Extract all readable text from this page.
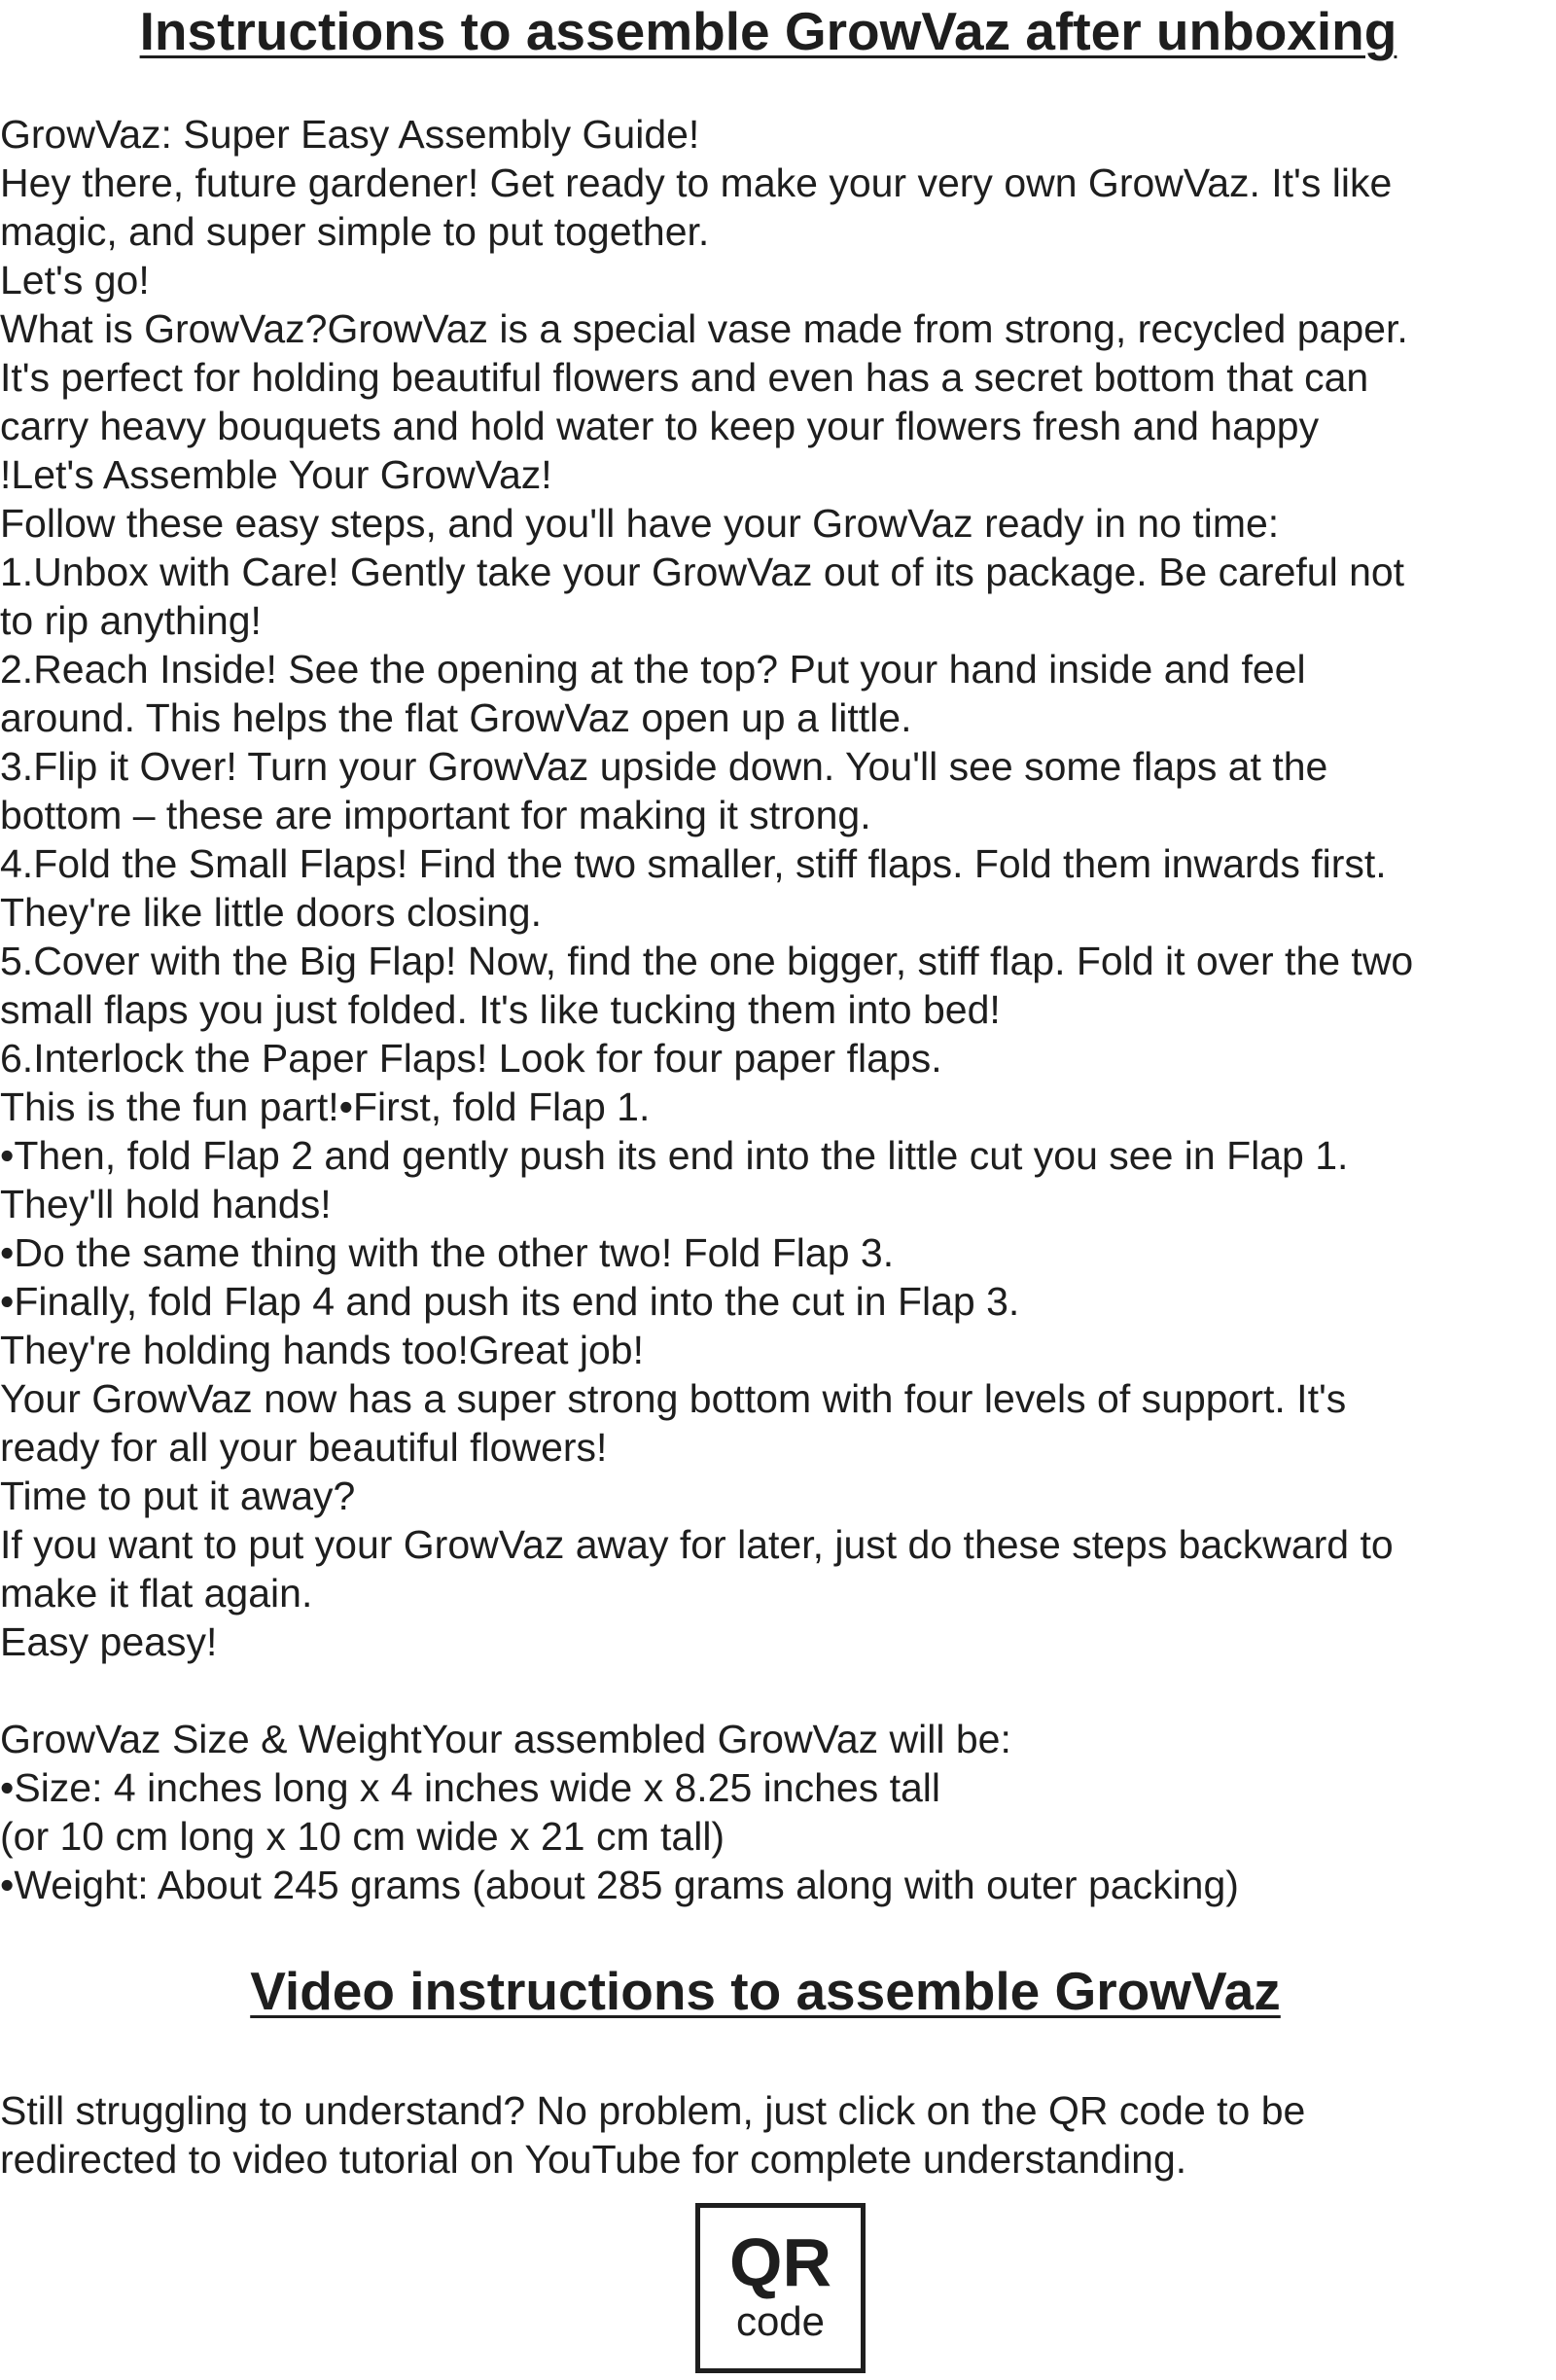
Instructions to assemble GrowVaz after unboxing

GrowVaz: Super Easy Assembly Guide!

Hey there, future gardener! Get ready to make your very own GrowVaz. It's like

magic, and super simple to put together.

Let's go!

What is GrowVaz?GrowVaz is a special vase made from strong, recycled paper.

It's perfect for holding beautiful flowers and even has a secret bottom that can

carry heavy bouquets and hold water to keep your flowers fresh and happy

!Let's Assemble Your GrowVaz!

Follow these easy steps, and you'll have your GrowVaz ready in no time:

1.Unbox with Care! Gently take your GrowVaz out of its package. Be careful not

to rip anything!

2.Reach Inside! See the opening at the top? Put your hand inside and feel

around. This helps the flat GrowVaz open up a little.

3.Flip it Over! Turn your GrowVaz upside down. You'll see some flaps at the

bottom – these are important for making it strong.

4.Fold the Small Flaps! Find the two smaller, stiff flaps. Fold them inwards first.

They're like little doors closing.

5.Cover with the Big Flap! Now, find the one bigger, stiff flap. Fold it over the two

small flaps you just folded. It's like tucking them into bed!

6.Interlock the Paper Flaps! Look for four paper flaps.

This is the fun part!•First, fold Flap 1.

•Then, fold Flap 2 and gently push its end into the little cut you see in Flap 1.

They'll hold hands!

•Do the same thing with the other two! Fold Flap 3.

•Finally, fold Flap 4 and push its end into the cut in Flap 3.

They're holding hands too!Great job!

Your GrowVaz now has a super strong bottom with four levels of support. It's

ready for all your beautiful flowers!

Time to put it away?

If you want to put your GrowVaz away for later, just do these steps backward to

make it flat again.

Easy peasy!

GrowVaz Size & WeightYour assembled GrowVaz will be:

•Size: 4 inches long x 4 inches wide x 8.25 inches tall

(or 10 cm long x 10 cm wide x 21 cm tall)

•Weight: About 245 grams (about 285 grams along with outer packing)

Video instructions to assemble GrowVaz

Still struggling to understand? No problem, just click on the QR code to be

redirected to video tutorial on YouTube for complete understanding.

QR
code
